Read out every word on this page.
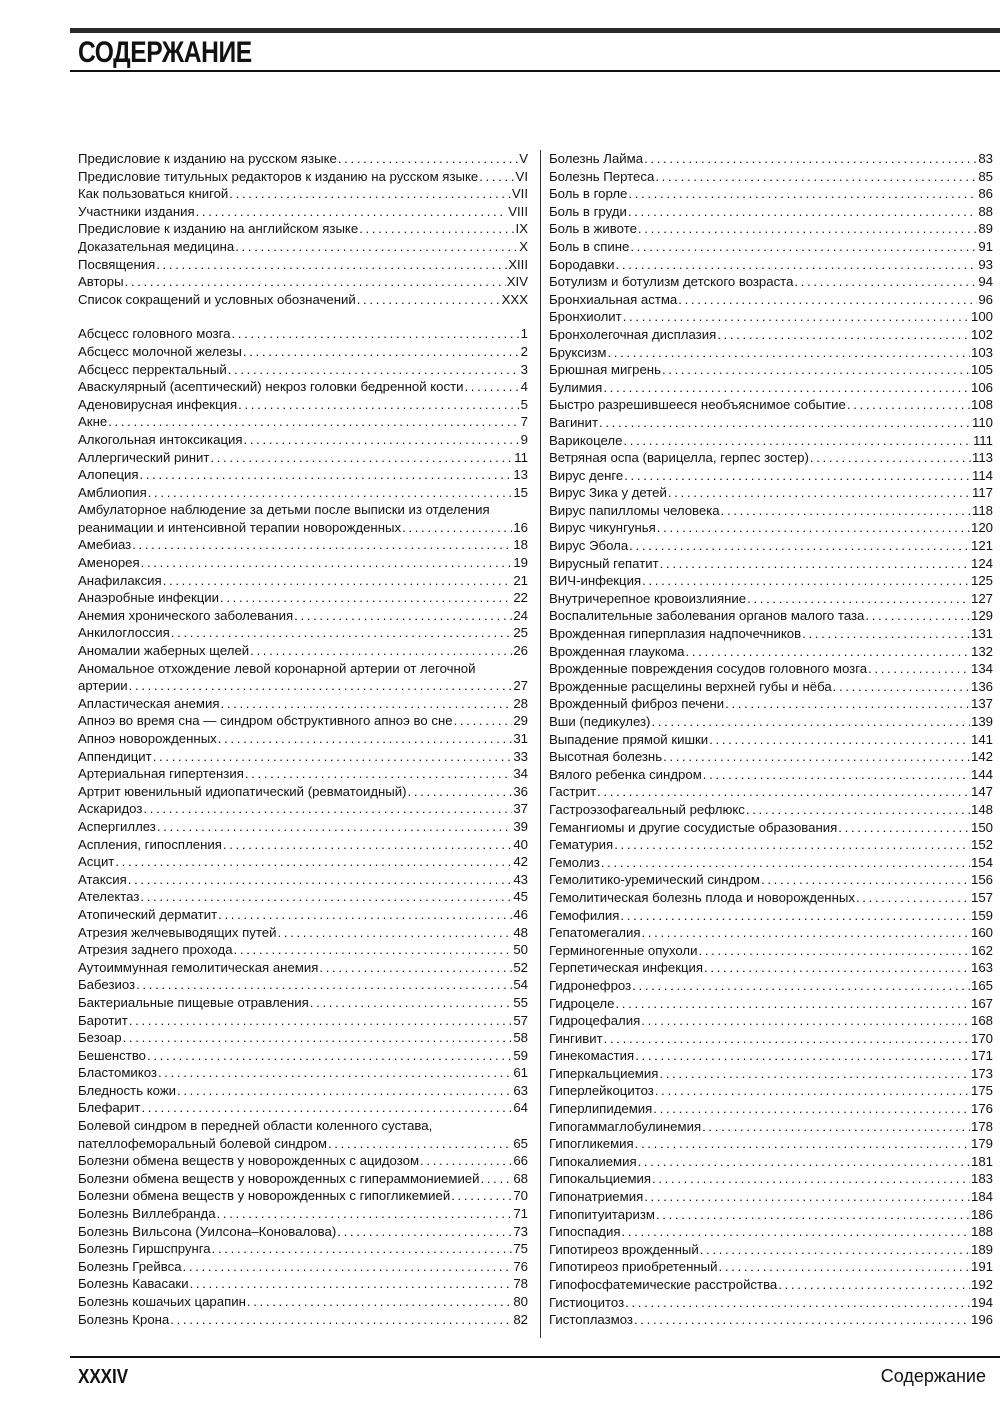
СОДЕРЖАНИЕ
Предисловие к изданию на русском языке . . .	V
Предисловие титульных редакторов к изданию на русском языке . . .	VI
Как пользоваться книгой . . .	VII
Участники издания . . .	VIII
Предисловие к изданию на английском языке . . .	IX
Доказательная медицина . . .	X
Посвящения . . .	XIII
Авторы . . .	XIV
Список сокращений и условных обозначений . . .	XXX
Абсцесс головного мозга . . .	1
Абсцесс молочной железы . . .	2
Абсцесс перректальный . . .	3
Аваскулярный (асептический) некроз головки бедренной кости . . .	4
Аденовирусная инфекция . . .	5
Акне . . .	7
Алкогольная интоксикация . . .	9
Аллергический ринит . . .	11
Алопеция . . .	13
Амблиопия . . .	15
Амбулаторное наблюдение за детьми после выписки из отделения
реанимации и интенсивной терапии новорожденных . . .	16
Амебиаз . . .	18
Аменорея . . .	19
Анафилаксия . . .	21
Анаэробные инфекции . . .	22
Анемия хронического заболевания . . .	24
Анкилоглоссия . . .	25
Аномалии жаберных щелей . . .	26
Аномальное отхождение левой коронарной артерии от легочной
артерии . . .	27
Апластическая анемия . . .	28
Апноэ во время сна — синдром обструктивного апноэ во сне . . .	29
Апноэ новорожденных . . .	31
Аппендицит . . .	33
Артериальная гипертензия . . .	34
Артрит ювенильный идиопатический (ревматоидный) . . .	36
Аскаридоз . . .	37
Аспергиллез . . .	39
Аспления, гипоспления . . .	40
Асцит . . .	42
Атаксия . . .	43
Ателектаз . . .	45
Атопический дерматит . . .	46
Атрезия желчевыводящих путей . . .	48
Атрезия заднего прохода . . .	50
Аутоиммунная гемолитическая анемия . . .	52
Бабезиоз . . .	54
Бактериальные пищевые отравления . . .	55
Баротит . . .	57
Безоар . . .	58
Бешенство . . .	59
Бластомикоз . . .	61
Бледность кожи . . .	63
Блефарит . . .	64
Болевой синдром в передней области коленного сустава,
пателлофеморальный болевой синдром . . .	65
Болезни обмена веществ у новорожденных с ацидозом . . .	66
Болезни обмена веществ у новорожденных с гипераммониемией . . .	68
Болезни обмена веществ у новорожденных с гипогликемией . . .	70
Болезнь Виллебранда . . .	71
Болезнь Вильсона (Уилсона–Коновалова) . . .	73
Болезнь Гиршспрунга . . .	75
Болезнь Грейвса . . .	76
Болезнь Кавасаки . . .	78
Болезнь кошачьих царапин . . .	80
Болезнь Крона . . .	82
Болезнь Лайма . . .	83
Болезнь Пертеса . . .	85
Боль в горле . . .	86
Боль в груди . . .	88
Боль в животе . . .	89
Боль в спине . . .	91
Бородавки . . .	93
Ботулизм и ботулизм детского возраста . . .	94
Бронхиальная астма . . .	96
Бронхиолит . . .	100
Бронхолегочная дисплазия . . .	102
Бруксизм . . .	103
Брюшная мигрень . . .	105
Булимия . . .	106
Быстро разрешившееся необъяснимое событие . . .	108
Вагинит . . .	110
Варикоцеле . . .	111
Ветряная оспа (варицелла, герпес зостер) . . .	113
Вирус денге . . .	114
Вирус Зика у детей . . .	117
Вирус папилломы человека . . .	118
Вирус чикунгунья . . .	120
Вирус Эбола . . .	121
Вирусный гепатит . . .	124
ВИЧ-инфекция . . .	125
Внутричерепное кровоизлияние . . .	127
Воспалительные заболевания органов малого таза . . .	129
Врожденная гиперплазия надпочечников . . .	131
Врожденная глаукома . . .	132
Врожденные повреждения сосудов головного мозга . . .	134
Врожденные расщелины верхней губы и нёба . . .	136
Врожденный фиброз печени . . .	137
Вши (педикулез) . . .	139
Выпадение прямой кишки . . .	141
Высотная болезнь . . .	142
Вялого ребенка синдром . . .	144
Гастрит . . .	147
Гастроэзофагеальный рефлюкс . . .	148
Гемангиомы и другие сосудистые образования . . .	150
Гематурия . . .	152
Гемолиз . . .	154
Гемолитико-уремический синдром . . .	156
Гемолитическая болезнь плода и новорожденных . . .	157
Гемофилия . . .	159
Гепатомегалия . . .	160
Герминогенные опухоли . . .	162
Герпетическая инфекция . . .	163
Гидронефроз . . .	165
Гидроцеле . . .	167
Гидроцефалия . . .	168
Гингивит . . .	170
Гинекомастия . . .	171
Гиперкальциемия . . .	173
Гиперлейкоцитоз . . .	175
Гиперлипидемия . . .	176
Гипогаммаглобулинемия . . .	178
Гипогликемия . . .	179
Гипокалиемия . . .	181
Гипокальциемия . . .	183
Гипонатриемия . . .	184
Гипопитуитаризм . . .	186
Гипоспадия . . .	188
Гипотиреоз врожденный . . .	189
Гипотиреоз приобретенный . . .	191
Гипофосфатемические расстройства . . .	192
Гистиоцитоз . . .	194
Гистоплазмоз . . .	196
XXXIV	Содержание
